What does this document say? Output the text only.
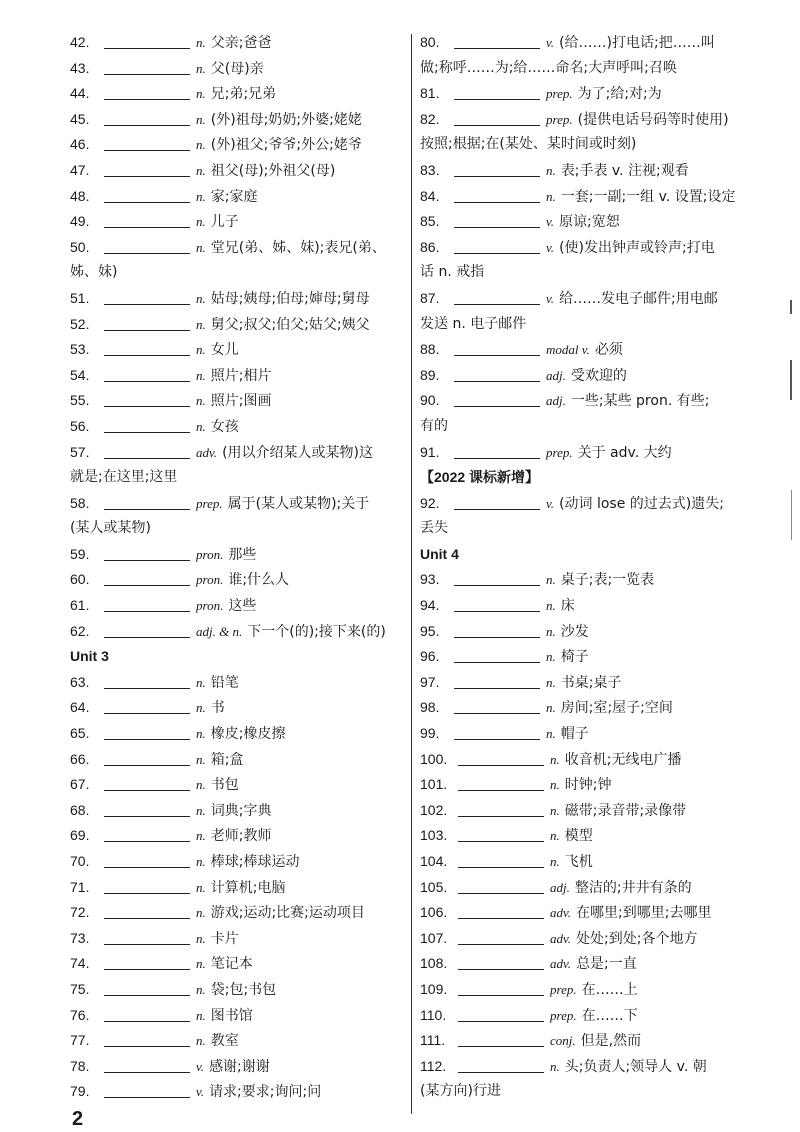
42.	n. 父亲;爸爸
43.	n. 父(母)亲
44.	n. 兄;弟;兄弟
45.	n. (外)祖母;奶奶;外婆;姥姥
46.	n. (外)祖父;爷爷;外公;姥爷
47.	n. 祖父(母);外祖父(母)
48.	n. 家;家庭
49.	n. 儿子
50.	n. 堂兄(弟、姊、妹);表兄(弟、
姊、妹)
51.	n. 姑母;姨母;伯母;婶母;舅母
52.	n. 舅父;叔父;伯父;姑父;姨父
53.	n. 女儿
54.	n. 照片;相片
55.	n. 照片;图画
56.	n. 女孩
57.	adv. (用以介绍某人或某物)这
就是;在这里;这里
58.	prep. 属于(某人或某物);关于
(某人或某物)
59.	pron. 那些
60.	pron. 谁;什么人
61.	pron. 这些
62.	adj. & n. 下一个(的);接下来(的)
Unit 3
63.	n. 铅笔
64.	n. 书
65.	n. 橡皮;橡皮擦
66.	n. 箱;盒
67.	n. 书包
68.	n. 词典;字典
69.	n. 老师;教师
70.	n. 棒球;棒球运动
71.	n. 计算机;电脑
72.	n. 游戏;运动;比赛;运动项目
73.	n. 卡片
74.	n. 笔记本
75.	n. 袋;包;书包
76.	n. 图书馆
77.	n. 教室
78.	v. 感谢;谢谢
79.	v. 请求;要求;询问;问
80.	v. (给……)打电话;把……叫
做;称呼……为;给……命名;大声呼叫;召唤
81.	prep. 为了;给;对;为
82.	prep. (提供电话号码等时使用)
按照;根据;在(某处、某时间或时刻)
83.	n. 表;手表 v. 注视;观看
84.	n. 一套;一副;一组 v. 设置;设定
85.	v. 原谅;宽恕
86.	v. (使)发出钟声或铃声;打电
话 n. 戒指
87.	v. 给……发电子邮件;用电邮
发送 n. 电子邮件
88.	modal v. 必须
89.	adj. 受欢迎的
90.	adj. 一些;某些 pron. 有些;
有的
91.	prep. 关于 adv. 大约
【2022 课标新增】
92.	v. (动词 lose 的过去式)遗失;
丢失
Unit 4
93.	n. 桌子;表;一览表
94.	n. 床
95.	n. 沙发
96.	n. 椅子
97.	n. 书桌;桌子
98.	n. 房间;室;屋子;空间
99.	n. 帽子
100.	n. 收音机;无线电广播
101.	n. 时钟;钟
102.	n. 磁带;录音带;录像带
103.	n. 模型
104.	n. 飞机
105.	adj. 整洁的;井井有条的
106.	adv. 在哪里;到哪里;去哪里
107.	adv. 处处;到处;各个地方
108.	adv. 总是;一直
109.	prep. 在……上
110.	prep. 在……下
111.	conj. 但是,然而
112.	n. 头;负责人;领导人 v. 朝
(某方向)行进
2
